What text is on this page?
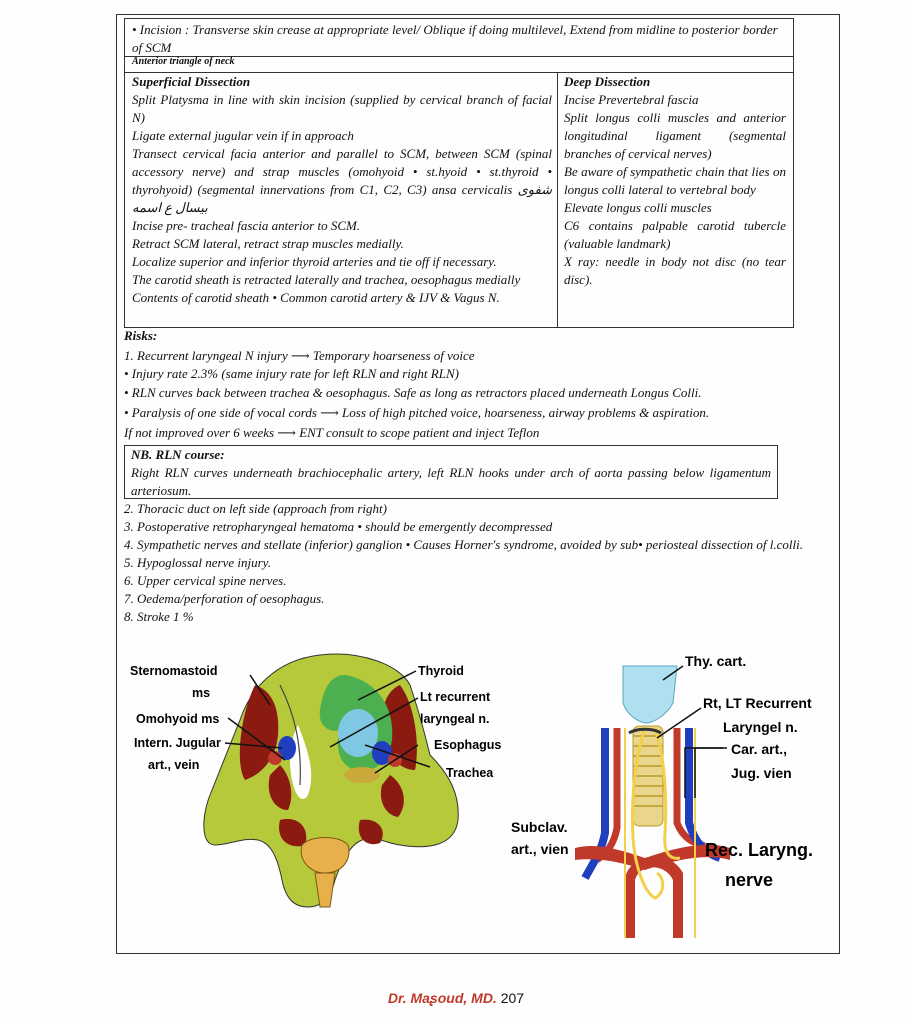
• Incision : Transverse skin crease at appropriate level/ Oblique if doing multilevel, Extend from midline to posterior border of SCM
Anterior triangle of neck

Superficial Dissection

Split Platysma in line with skin incision (supplied by cervical branch of facial N)

Ligate external jugular vein if in approach

Transect cervical facia anterior and parallel to SCM, between SCM (spinal accessory nerve) and strap muscles (omohyoid • st.hyoid • st.thyroid • thyrohyoid) (segmental innervations from C1, C2, C3) ansa cervicalis شفوى بيسال ع اسمه

Incise pre- tracheal fascia anterior to SCM.

Retract SCM lateral, retract strap muscles medially.

Localize superior and inferior thyroid arteries and tie off if necessary.

The carotid sheath is retracted laterally and trachea, oesophagus medially

Contents of carotid sheath • Common carotid artery & IJV & Vagus N.

Deep Dissection

Incise Prevertebral fascia

Split longus colli muscles and anterior longitudinal ligament (segmental branches of cervical nerves)

Be aware of sympathetic chain that lies on longus colli lateral to vertebral body

Elevate longus colli muscles

C6 contains palpable carotid tubercle (valuable landmark)

X ray: needle in body not disc (no tear disc).

Risks:

1. Recurrent laryngeal N injury ⟶ Temporary hoarseness of voice

• Injury rate 2.3% (same injury rate for left RLN and right RLN)

• RLN curves back between trachea & oesophagus. Safe as long as retractors placed underneath Longus Colli.

• Paralysis of one side of vocal cords ⟶ Loss of high pitched voice, hoarseness, airway problems & aspiration.

If not improved over 6 weeks ⟶ ENT consult to scope patient and inject Teflon

NB. RLN course:

Right RLN curves underneath brachiocephalic artery, left RLN hooks under arch of aorta passing below ligamentum arteriosum.

2. Thoracic duct on left side (approach from right)

3. Postoperative retropharyngeal hematoma • should be emergently decompressed

4. Sympathetic nerves and stellate (inferior) ganglion • Causes Horner's syndrome, avoided by sub• periosteal dissection of l.colli.

5. Hypoglossal nerve injury.

6. Upper cervical spine nerves.

7. Oedema/perforation of oesophagus.

8. Stroke 1 %

Sternomastoid
ms
Omohyoid ms
Intern. Jugular
art., vein
Thyroid
Lt recurrent
laryngeal n.
Esophagus
Trachea
Thy. cart.
Rt, LT Recurrent
Laryngel n.
Car. art.,
Jug. vien
Subclav.
art., vien	Rec. Laryng.
nerve
Dr. Maʂoud, MD. 207
